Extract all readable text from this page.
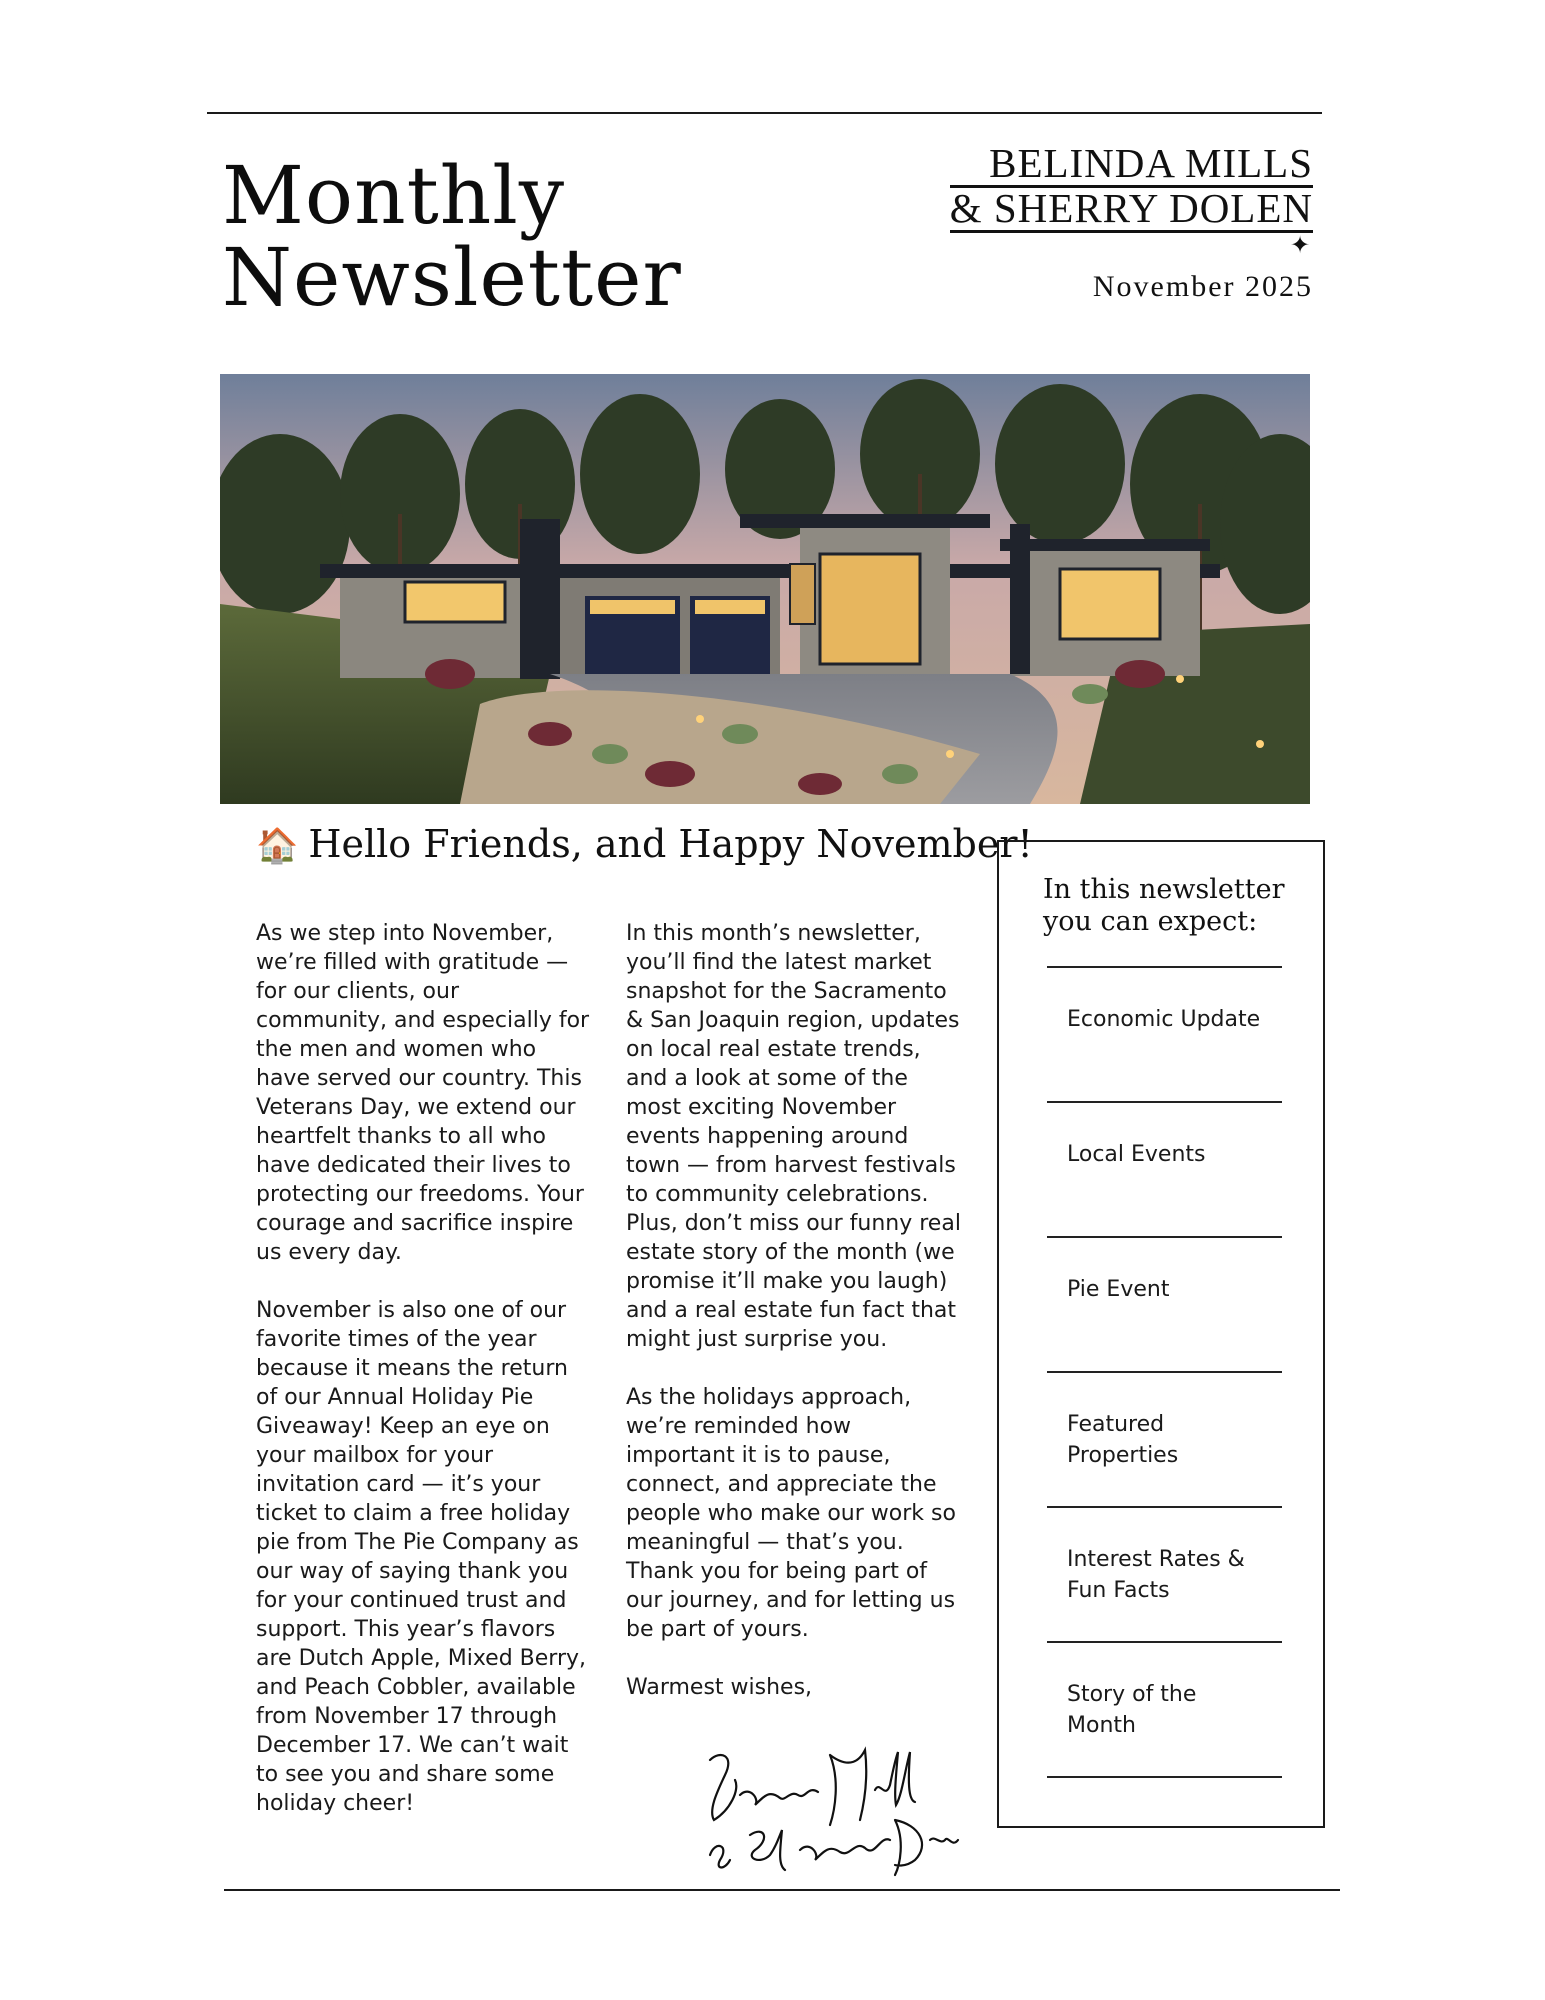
Monthly
Newsletter
BELINDA MILLS
& SHERRY DOLEN
✦
November 2025
🏠 Hello Friends, and Happy November!

As we step into November, we’re filled with gratitude — for our clients, our community, and especially for the men and women who have served our country. This Veterans Day, we extend our heartfelt thanks to all who have dedicated their lives to protecting our freedoms. Your courage and sacrifice inspire us every day.

November is also one of our favorite times of the year because it means the return of our Annual Holiday Pie Giveaway! Keep an eye on your mailbox for your invitation card — it’s your ticket to claim a free holiday pie from The Pie Company as our way of saying thank you for your continued trust and support. This year’s flavors are Dutch Apple, Mixed Berry, and Peach Cobbler, available from November 17 through December 17. We can’t wait to see you and share some holiday cheer!

In this month’s newsletter, you’ll find the latest market snapshot for the Sacramento & San Joaquin region, updates on local real estate trends, and a look at some of the most exciting November events happening around town — from harvest festivals to community celebrations. Plus, don’t miss our funny real estate story of the month (we promise it’ll make you laugh) and a real estate fun fact that might just surprise you.

As the holidays approach, we’re reminded how important it is to pause, connect, and appreciate the people who make our work so meaningful — that’s you. Thank you for being part of our journey, and for letting us be part of yours.

Warmest wishes,

In this newsletter
you can expect:
Economic Update
Local Events
Pie Event
Featured Properties
Interest Rates & Fun Facts
Story of the Month
